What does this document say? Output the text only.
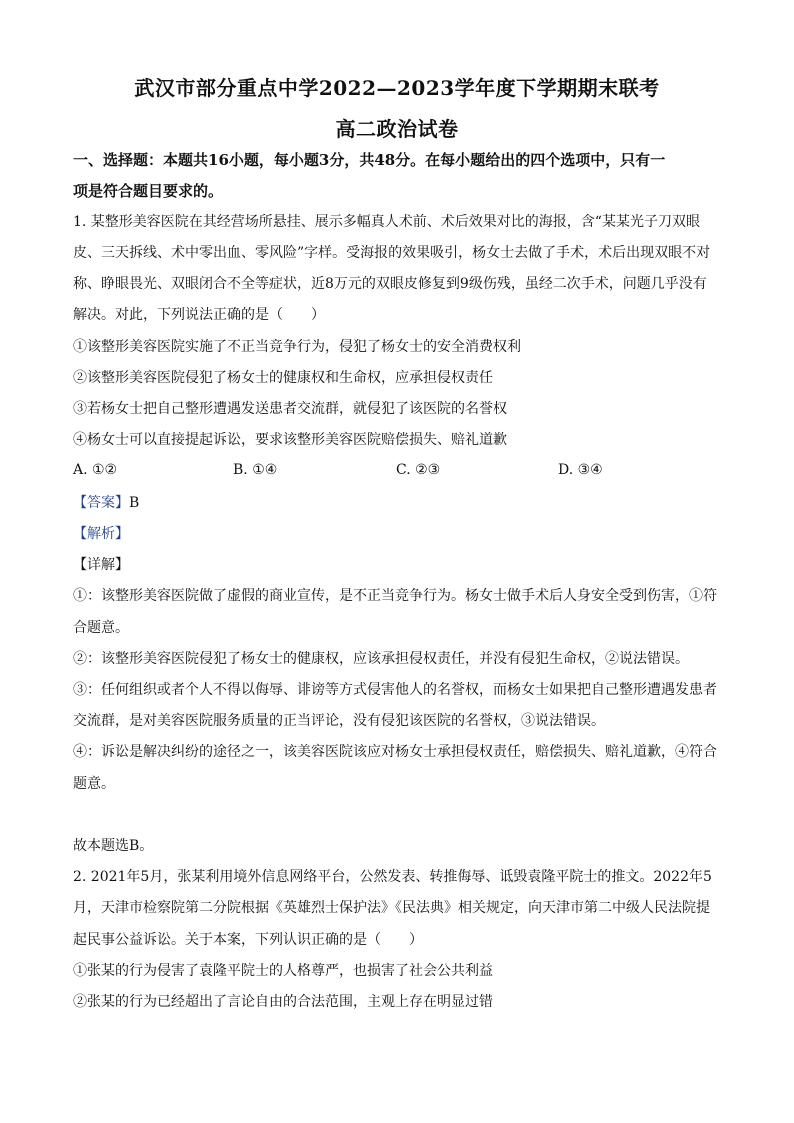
武汉市部分重点中学2022—2023学年度下学期期末联考
高二政治试卷
一、选择题：本题共16小题，每小题3分，共48分。在每小题给出的四个选项中，只有一
项是符合题目要求的。
1. 某整形美容医院在其经营场所悬挂、展示多幅真人术前、术后效果对比的海报，含“某某光子刀双眼
皮、三天拆线、术中零出血、零风险”字样。受海报的效果吸引，杨女士去做了手术，术后出现双眼不对
称、睁眼畏光、双眼闭合不全等症状，近8万元的双眼皮修复到9级伤残，虽经二次手术，问题几乎没有
解决。对此，下列说法正确的是（　　）
①该整形美容医院实施了不正当竞争行为，侵犯了杨女士的安全消费权利
②该整形美容医院侵犯了杨女士的健康权和生命权，应承担侵权责任
③若杨女士把自己整形遭遇发送患者交流群，就侵犯了该医院的名誉权
④杨女士可以直接提起诉讼，要求该整形美容医院赔偿损失、赔礼道歉
A. ①②	B. ①④	C. ②③	D. ③④
【答案】B
【解析】
【详解】
①：该整形美容医院做了虚假的商业宣传，是不正当竞争行为。杨女士做手术后人身安全受到伤害，①符
合题意。
②：该整形美容医院侵犯了杨女士的健康权，应该承担侵权责任，并没有侵犯生命权，②说法错误。
③：任何组织或者个人不得以侮辱、诽谤等方式侵害他人的名誉权，而杨女士如果把自己整形遭遇发患者
交流群，是对美容医院服务质量的正当评论，没有侵犯该医院的名誉权，③说法错误。
④：诉讼是解决纠纷的途径之一，该美容医院该应对杨女士承担侵权责任，赔偿损失、赔礼道歉，④符合
题意。
故本题选B。
2. 2021年5月，张某利用境外信息网络平台，公然发表、转推侮辱、诋毁袁隆平院士的推文。2022年5
月，天津市检察院第二分院根据《英雄烈士保护法》《民法典》相关规定，向天津市第二中级人民法院提
起民事公益诉讼。关于本案，下列认识正确的是（　　）
①张某的行为侵害了袁隆平院士的人格尊严，也损害了社会公共利益
②张某的行为已经超出了言论自由的合法范围，主观上存在明显过错
